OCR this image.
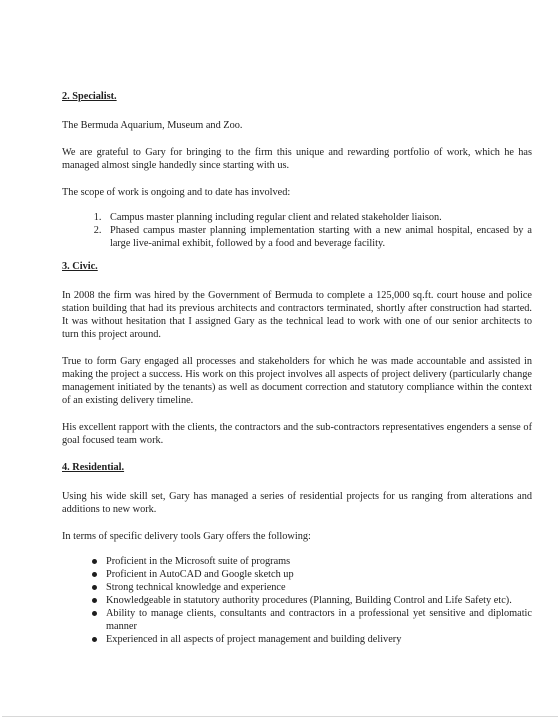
2. Specialist.

The Bermuda Aquarium, Museum and Zoo.

We are grateful to Gary for bringing to the firm this unique and rewarding portfolio of work, which he has managed almost single handedly since starting with us.

The scope of work is ongoing and to date has involved:

1. Campus master planning including regular client and related stakeholder liaison.
2. Phased campus master planning implementation starting with a new animal hospital, encased by a large live-animal exhibit, followed by a food and beverage facility.
3. Civic.

In 2008 the firm was hired by the Government of Bermuda to complete a 125,000 sq.ft. court house and police station building that had its previous architects and contractors terminated, shortly after construction had started. It was without hesitation that I assigned Gary as the technical lead to work with one of our senior architects to turn this project around.

True to form Gary engaged all processes and stakeholders for which he was made accountable and assisted in making the project a success. His work on this project involves all aspects of project delivery (particularly change management initiated by the tenants) as well as document correction and statutory compliance within the context of an existing delivery timeline.

His excellent rapport with the clients, the contractors and the sub-contractors representatives engenders a sense of goal focused team work.

4. Residential.

Using his wide skill set, Gary has managed a series of residential projects for us ranging from alterations and additions to new work.

In terms of specific delivery tools Gary offers the following:

Proficient in the Microsoft suite of programs
Proficient in AutoCAD and Google sketch up
Strong technical knowledge and experience
Knowledgeable in statutory authority procedures (Planning, Building Control and Life Safety etc).
Ability to manage clients, consultants and contractors in a professional yet sensitive and diplomatic manner
Experienced in all aspects of project management and building delivery
